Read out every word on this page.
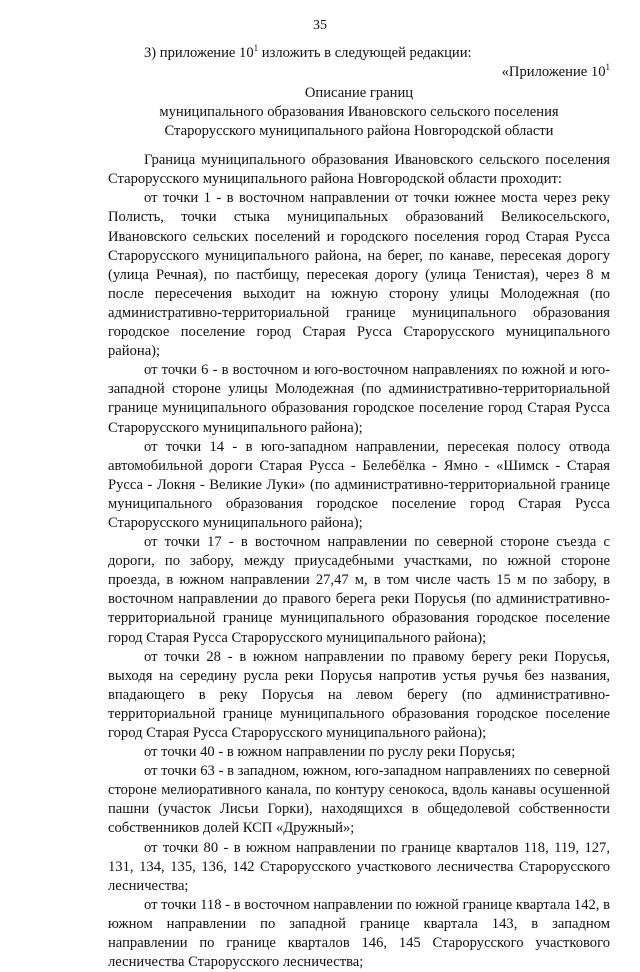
35

3) приложение $10^1$ изложить в следующей редакции:

«Приложение $10^1$

Описание границ
муниципального образования Ивановского сельского поселения
Старорусского муниципального района Новгородской области

Граница муниципального образования Ивановского сельского поселения Старорусского муниципального района Новгородской области проходит:

от точки 1 - в восточном направлении от точки южнее моста через реку Полисть, точки стыка муниципальных образований Великосельского, Ивановского сельских поселений и городского поселения город Старая Русса Старорусского муниципального района, на берег, по канаве, пересекая дорогу (улица Речная), по пастбищу, пересекая дорогу (улица Тенистая), через 8 м после пересечения выходит на южную сторону улицы Молодежная (по административно-территориальной границе муниципального образования городское поселение город Старая Русса Старорусского муниципального района);

от точки 6 - в восточном и юго-восточном направлениях по южной и юго-западной стороне улицы Молодежная (по административно-территориальной границе муниципального образования городское поселение город Старая Русса Старорусского муниципального района);

от точки 14 - в юго-западном направлении, пересекая полосу отвода автомобильной дороги Старая Русса - Белебёлка - Ямно - «Шимск - Старая Русса - Локня - Великие Луки» (по административно-территориальной границе муниципального образования городское поселение город Старая Русса Старорусского муниципального района);

от точки 17 - в восточном направлении по северной стороне съезда с дороги, по забору, между приусадебными участками, по южной стороне проезда, в южном направлении 27,47 м, в том числе часть 15 м по забору, в восточном направлении до правого берега реки Порусья (по административно-территориальной границе муниципального образования городское поселение город Старая Русса Старорусского муниципального района);

от точки 28 - в южном направлении по правому берегу реки Порусья, выходя на середину русла реки Порусья напротив устья ручья без названия, впадающего в реку Порусья на левом берегу (по административно-территориальной границе муниципального образования городское поселение город Старая Русса Старорусского муниципального района);

от точки 40 - в южном направлении по руслу реки Порусья;

от точки 63 - в западном, южном, юго-западном направлениях по северной стороне мелиоративного канала, по контуру сенокоса, вдоль канавы осушенной пашни (участок Лисьи Горки), находящихся в общедолевой собственности собственников долей КСП «Дружный»;

от точки 80 - в южном направлении по границе кварталов 118, 119, 127, 131, 134, 135, 136, 142 Старорусского участкового лесничества Старорусского лесничества;

от точки 118 - в восточном направлении по южной границе квартала 142, в южном направлении по западной границе квартала 143, в западном направлении по границе кварталов 146, 145 Старорусского участкового лесничества Старорусского лесничества;
